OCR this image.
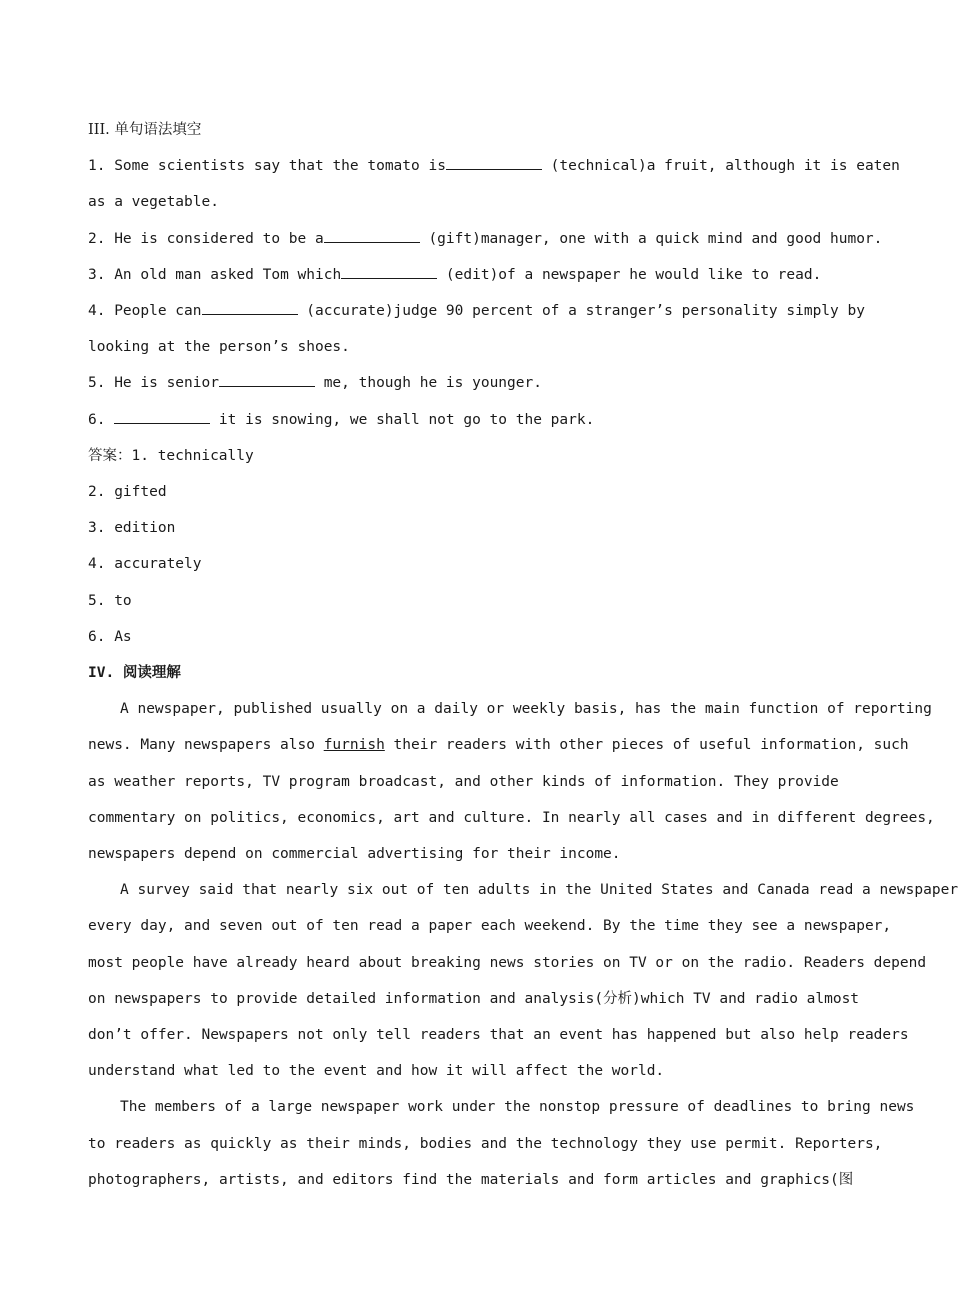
III. 单句语法填空
1. Some scientists say that the tomato is	(technical)a fruit, although it is eaten
as a vegetable.
2. He is considered to be a	(gift)manager, one with a quick mind and good humor.
3. An old man asked Tom which	(edit)of a newspaper he would like to read.
4. People can	(accurate)judge 90 percent of a stranger’s personality simply by
looking at the person’s shoes.
5. He is senior	me, though he is younger.
6.	it is snowing, we shall not go to the park.
答案：1. technically
2. gifted
3. edition
4. accurately
5. to
6. As
IV. 阅读理解
A newspaper, published usually on a daily or weekly basis, has the main function of reporting
news. Many newspapers also furnish their readers with other pieces of useful information, such
as weather reports, TV program broadcast, and other kinds of information. They provide
commentary on politics, economics, art and culture. In nearly all cases and in different degrees,
newspapers depend on commercial advertising for their income.
A survey said that nearly six out of ten adults in the United States and Canada read a newspaper
every day, and seven out of ten read a paper each weekend. By the time they see a newspaper,
most people have already heard about breaking news stories on TV or on the radio. Readers depend
on newspapers to provide detailed information and analysis(分析)which TV and radio almost
don’t offer. Newspapers not only tell readers that an event has happened but also help readers
understand what led to the event and how it will affect the world.
The members of a large newspaper work under the nonstop pressure of deadlines to bring news
to readers as quickly as their minds, bodies and the technology they use permit. Reporters,
photographers, artists, and editors find the materials and form articles and graphics(图
